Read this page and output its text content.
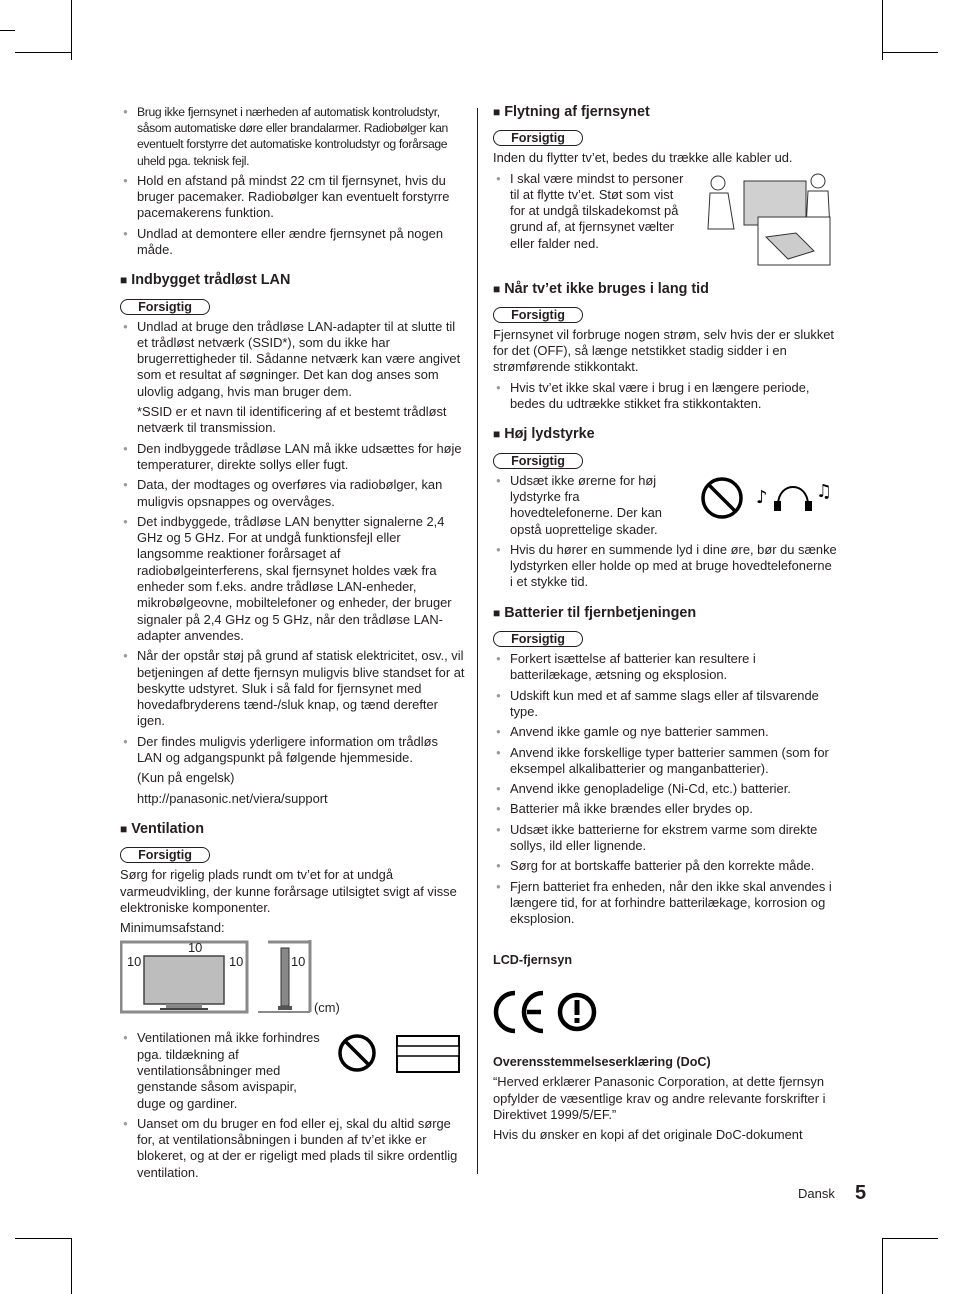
● Brug ikke fjernsynet i nærheden af automatisk kontroludstyr, såsom automatiske døre eller brandalarmer. Radiobølger kan eventuelt forstyrre det automatiske kontroludstyr og forårsage uheld pga. teknisk fejl.
● Hold en afstand på mindst 22 cm til fjernsynet, hvis du bruger pacemaker. Radiobølger kan eventuelt forstyrre pacemakerens funktion.
● Undlad at demontere eller ændre fjernsynet på nogen måde.
■ Indbygget trådløst LAN
Forsigtig
● Undlad at bruge den trådløse LAN-adapter til at slutte til et trådløst netværk (SSID*), som du ikke har brugerrettigheder til. Sådanne netværk kan være angivet som et resultat af søgninger. Det kan dog anses som ulovlig adgang, hvis man bruger dem.
*SSID er et navn til identificering af et bestemt trådløst netværk til transmission.
● Den indbyggede trådløse LAN må ikke udsættes for høje temperaturer, direkte sollys eller fugt.
● Data, der modtages og overføres via radiobølger, kan muligvis opsnappes og overvåges.
● Det indbyggede, trådløse LAN benytter signalerne 2,4 GHz og 5 GHz. For at undgå funktionsfejl eller langsomme reaktioner forårsaget af radiobølgeinterferens, skal fjernsynet holdes væk fra enheder som f.eks. andre trådløse LAN-enheder, mikrobølgeovne, mobiltelefoner og enheder, der bruger signaler på 2,4 GHz og 5 GHz, når den trådløse LAN-adapter anvendes.
● Når der opstår støj på grund af statisk elektricitet, osv., vil betjeningen af dette fjernsyn muligvis blive standset for at beskytte udstyret. Sluk i så fald for fjernsynet med hovedafbryderens tænd-/sluk knap, og tænd derefter igen.
● Der findes muligvis yderligere information om trådløs LAN og adgangspunkt på følgende hjemmeside.
(Kun på engelsk)
http://panasonic.net/viera/support
■ Ventilation
Forsigtig
Sørg for rigelig plads rundt om tv’et for at undgå varmeudvikling, der kunne forårsage utilsigtet svigt af visse elektroniske komponenter.
Minimumsafstand:
10
10	10	10
(cm)
● Ventilationen må ikke forhindres pga. tildækning af ventilationsåbninger med genstande såsom avispapir, duge og gardiner.
● Uanset om du bruger en fod eller ej, skal du altid sørge for, at ventilationsåbningen i bunden af tv’et ikke er blokeret, og at der er rigeligt med plads til sikre ordentlig ventilation.
■ Flytning af fjernsynet
Forsigtig
Inden du flytter tv’et, bedes du trække alle kabler ud.
● I skal være mindst to personer til at flytte tv’et. Støt som vist for at undgå tilskadekomst på grund af, at fjernsynet vælter eller falder ned.
■ Når tv’et ikke bruges i lang tid
Forsigtig
Fjernsynet vil forbruge nogen strøm, selv hvis der er slukket for det (OFF), så længe netstikket stadig sidder i en strømførende stikkontakt.
● Hvis tv’et ikke skal være i brug i en længere periode, bedes du udtrække stikket fra stikkontakten.
■ Høj lydstyrke
Forsigtig
● Udsæt ikke ørerne for høj lydstyrke fra hovedtelefonerne. Der kan opstå uoprettelige skader.
♪	♫
● Hvis du hører en summende lyd i dine øre, bør du sænke lydstyrken eller holde op med at bruge hovedtelefonerne i et stykke tid.
■ Batterier til fjernbetjeningen
Forsigtig
● Forkert isættelse af batterier kan resultere i batterilækage, ætsning og eksplosion.
● Udskift kun med et af samme slags eller af tilsvarende type.
● Anvend ikke gamle og nye batterier sammen.
● Anvend ikke forskellige typer batterier sammen (som for eksempel alkalibatterier og manganbatterier).
● Anvend ikke genopladelige (Ni-Cd, etc.) batterier.
● Batterier må ikke brændes eller brydes op.
● Udsæt ikke batterierne for ekstrem varme som direkte sollys, ild eller lignende.
● Sørg for at bortskaffe batterier på den korrekte måde.
● Fjern batteriet fra enheden, når den ikke skal anvendes i længere tid, for at forhindre batterilækage, korrosion og eksplosion.
LCD-fjernsyn
Overensstemmelseserklæring (DoC)
“Herved erklærer Panasonic Corporation, at dette fjernsyn opfylder de væsentlige krav og andre relevante forskrifter i Direktivet 1999/5/EF.”
Hvis du ønsker en kopi af det originale DoC-dokument
Dansk 5
